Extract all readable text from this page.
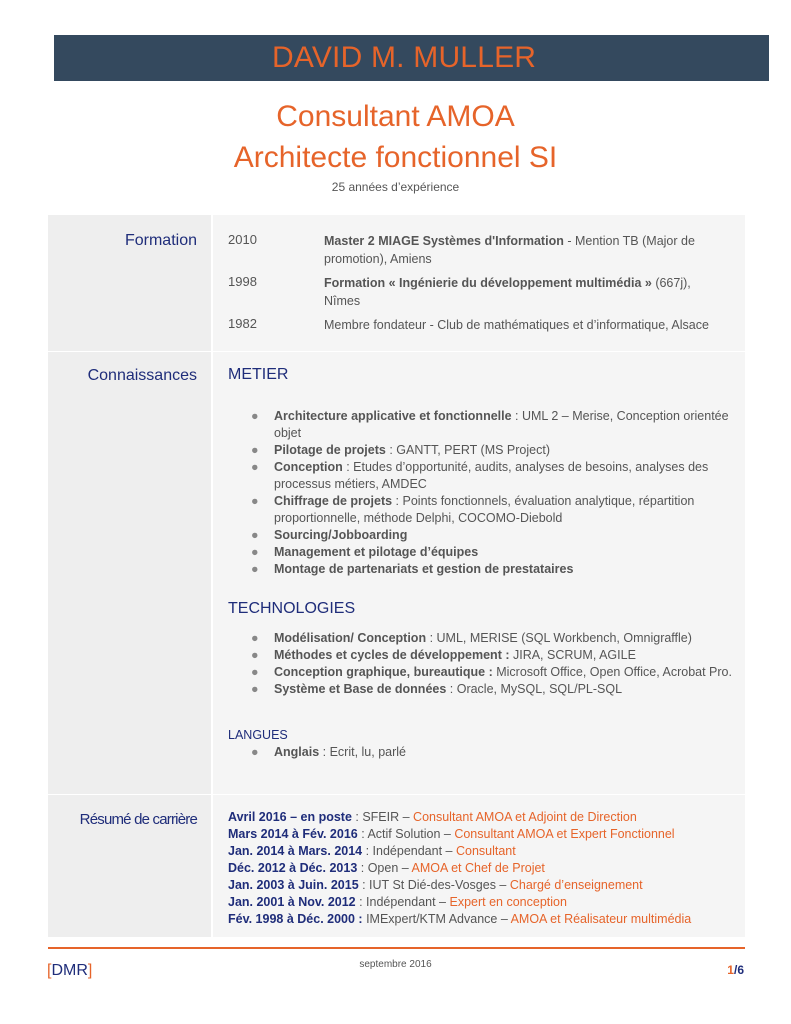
DAVID M. MULLER
Consultant AMOA
Architecte fonctionnel SI
25 années d’expérience
Formation	2010	Master 2 MIAGE Systèmes d'Information - Mention TB (Major de promotion), Amiens
1998	Formation « Ingénierie du développement multimédia » (667j), Nîmes
1982	Membre fondateur - Club de mathématiques et d’informatique, Alsace
Connaissances	METIER
● Architecture applicative et fonctionnelle : UML 2 – Merise, Conception orientée objet
● Pilotage de projets : GANTT, PERT (MS Project)
● Conception : Etudes d’opportunité, audits, analyses de besoins, analyses des processus métiers, AMDEC
● Chiffrage de projets : Points fonctionnels, évaluation analytique, répartition proportionnelle, méthode Delphi, COCOMO-Diebold
● Sourcing/Jobboarding
● Management et pilotage d’équipes
● Montage de partenariats et gestion de prestataires
TECHNOLOGIES
● Modélisation/ Conception : UML, MERISE (SQL Workbench, Omnigraffle)
● Méthodes et cycles de développement : JIRA, SCRUM, AGILE
● Conception graphique, bureautique : Microsoft Office, Open Office, Acrobat Pro.
● Système et Base de données : Oracle, MySQL, SQL/PL-SQL
LANGUES
● Anglais : Ecrit, lu, parlé
Résumé de carrière	Avril 2016 – en poste : SFEIR – Consultant AMOA et Adjoint de Direction
Mars 2014 à Fév. 2016 : Actif Solution – Consultant AMOA et Expert Fonctionnel
Jan. 2014 à Mars. 2014 : Indépendant – Consultant
Déc. 2012 à Déc. 2013 : Open – AMOA et Chef de Projet
Jan. 2003 à Juin. 2015 : IUT St Dié-des-Vosges – Chargé d’enseignement
Jan. 2001 à Nov. 2012 : Indépendant – Expert en conception
Fév. 1998 à Déc. 2000 : IMExpert/KTM Advance – AMOA et Réalisateur multimédia
[DMR]	septembre 2016	1/6
